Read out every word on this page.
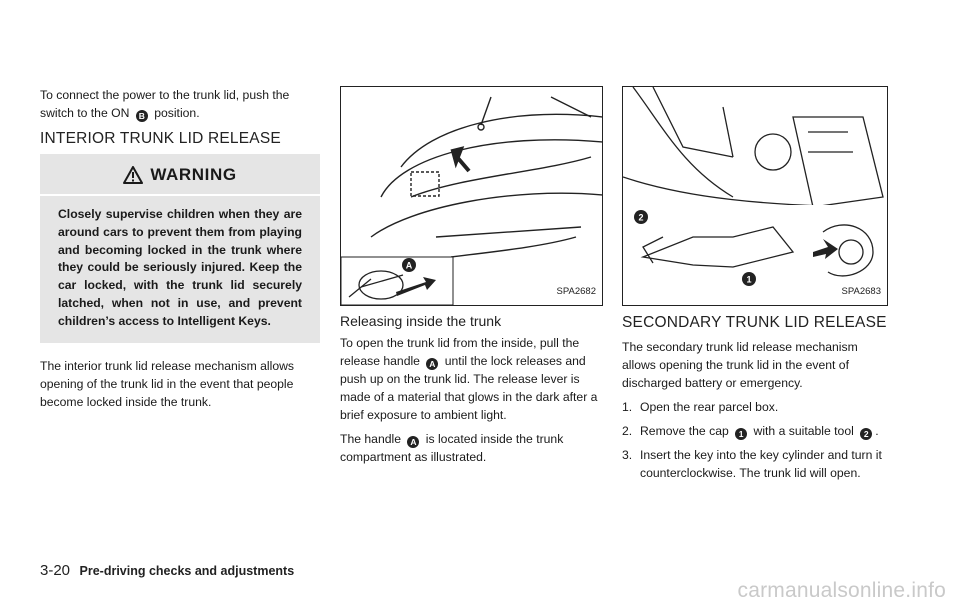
To connect the power to the trunk lid, push the switch to the ON B position.

INTERIOR TRUNK LID RELEASE
WARNING
Closely supervise children when they are around cars to prevent them from playing and becoming locked in the trunk where they could be seriously injured. Keep the car locked, with the trunk lid securely latched, when not in use, and prevent children’s access to Intelligent Keys.

The interior trunk lid release mechanism allows opening of the trunk lid in the event that people become locked inside the trunk.

A
SPA2682
Releasing inside the trunk

To open the trunk lid from the inside, pull the release handle A until the lock releases and push up on the trunk lid. The release lever is made of a material that glows in the dark after a brief exposure to ambient light.

The handle A is located inside the trunk compartment as illustrated.

2
1
SPA2683
SECONDARY TRUNK LID RELEASE

The secondary trunk lid release mechanism allows opening the trunk lid in the event of discharged battery or emergency.

1. Open the rear parcel box.
2. Remove the cap 1 with a suitable tool 2 .
3. Insert the key into the key cylinder and turn it counterclockwise. The trunk lid will open.
3-20 Pre-driving checks and adjustments
carmanualsonline.info
